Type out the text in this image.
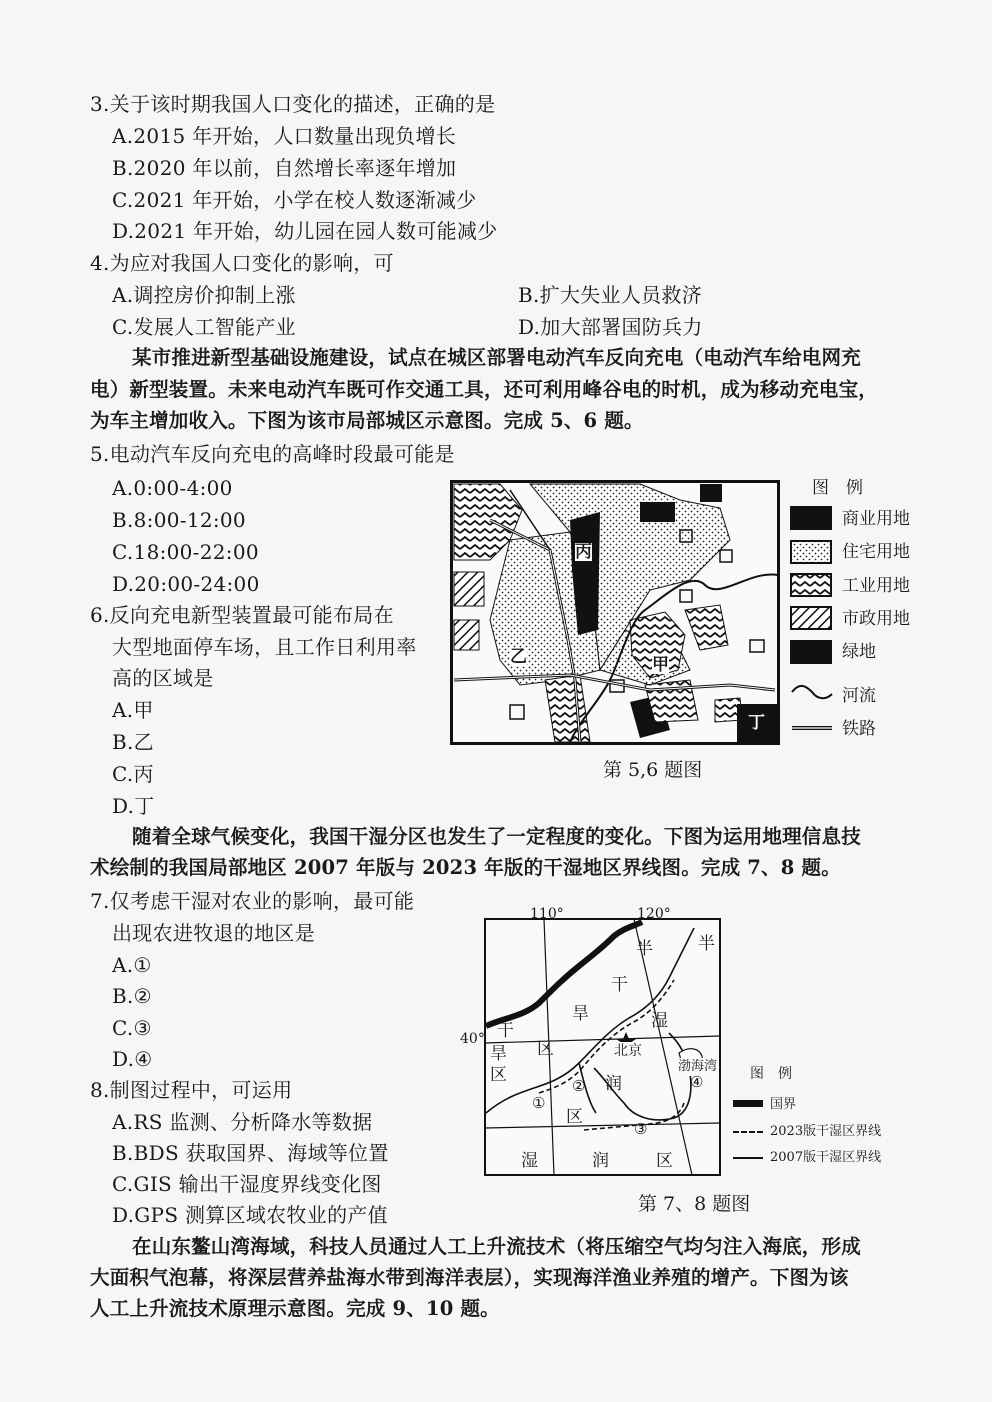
3.关于该时期我国人口变化的描述，正确的是
A.2015 年开始，人口数量出现负增长
B.2020 年以前，自然增长率逐年增加
C.2021 年开始，小学在校人数逐渐减少
D.2021 年开始，幼儿园在园人数可能减少
4.为应对我国人口变化的影响，可
A.调控房价抑制上涨	B.扩大失业人员救济
C.发展人工智能产业	D.加大部署国防兵力
某市推进新型基础设施建设，试点在城区部署电动汽车反向充电（电动汽车给电网充
电）新型装置。未来电动汽车既可作交通工具，还可利用峰谷电的时机，成为移动充电宝，
为车主增加收入。下图为该市局部城区示意图。完成 5、6 题。
5.电动汽车反向充电的高峰时段最可能是
A.0:00-4:00
B.8:00-12:00
C.18:00-22:00
D.20:00-24:00
6.反向充电新型装置最可能布局在
大型地面停车场，且工作日利用率
高的区域是
A.甲
B.乙
C.丙
D.丁
丙
乙	甲
丁
图　例
商业用地
住宅用地
工业用地
市政用地
绿地
河流
铁路
第 5,6 题图
随着全球气候变化，我国干湿分区也发生了一定程度的变化。下图为运用地理信息技
术绘制的我国局部地区 2007 年版与 2023 年版的干湿地区界线图。完成 7、8 题。
7.仅考虑干湿对农业的影响，最可能
出现农进牧退的地区是
A.①
B.②
C.③
D.④
8.制图过程中，可运用
A.RS 监测、分析降水等数据
B.BDS 获取国界、海域等位置
C.GIS 输出干湿度界线变化图
D.GPS 测算区域农牧业的产值
110°	120°
40°
半	半
干
旱	湿
干
区
旱
区
北京
渤海湾
润
区
湿	润	区
①
②
③
④	图　例
国界
2023版干湿区界线
2007版干湿区界线
第 7、8 题图
在山东鳌山湾海域，科技人员通过人工上升流技术（将压缩空气均匀注入海底，形成
大面积气泡幕，将深层营养盐海水带到海洋表层），实现海洋渔业养殖的增产。下图为该
人工上升流技术原理示意图。完成 9、10 题。
